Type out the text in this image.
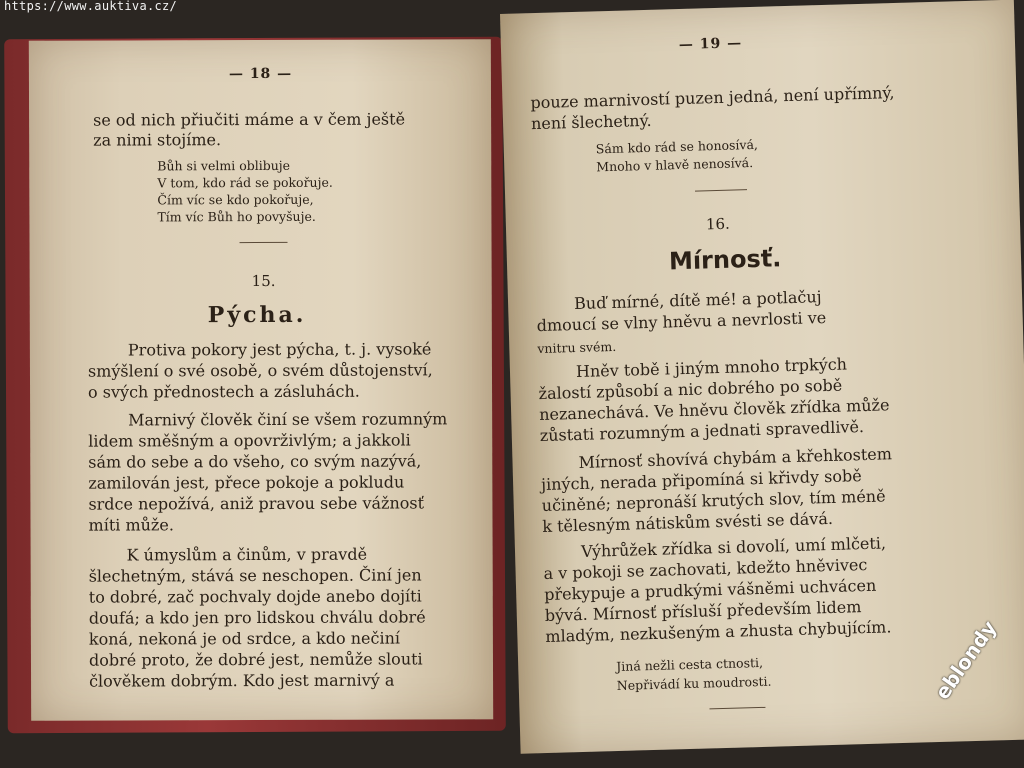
https://www.auktiva.cz/
— 18 —
se od nich přiučiti máme a v čem ještě
za nimi stojíme.
Bůh si velmi oblibuje
V tom, kdo rád se pokořuje.
Čím víc se kdo pokořuje,
Tím víc Bůh ho povyšuje.
15.
Pýcha.
Protiva pokory jest pýcha, t. j. vysoké
smýšlení o své osobě, o svém důstojenství,
o svých přednostech a zásluhách.
Marnivý člověk činí se všem rozumným
lidem směšným a opovrživlým; a jakkoli
sám do sebe a do všeho, co svým nazývá,
zamilován jest, přece pokoje a pokludu
srdce nepožívá, aniž pravou sebe vážnosť
míti může.
K úmyslům a činům, v pravdě
šlechetným, stává se neschopen. Činí jen
to dobré, zač pochvaly dojde anebo dojíti
doufá; a kdo jen pro lidskou chválu dobré
koná, nekoná je od srdce, a kdo nečiní
dobré proto, že dobré jest, nemůže slouti
člověkem dobrým. Kdo jest marnivý a
— 19 —
pouze marnivostí puzen jedná, není upřímný,
není šlechetný.
Sám kdo rád se honosívá,
Mnoho v hlavě nenosívá.
16.
Mírnosť.
Buď mírné, dítě mé! a potlačuj
dmoucí se vlny hněvu a nevrlosti ve
vnitru svém.
Hněv tobě i jiným mnoho trpkých
žalostí způsobí a nic dobrého po sobě
nezanechává. Ve hněvu člověk zřídka může
zůstati rozumným a jednati spravedlivě.
Mírnosť shovívá chybám a křehkostem
jiných, nerada připomíná si křivdy sobě
učiněné; nepronáší krutých slov, tím méně
k tělesným nátiskům svésti se dává.
Výhrůžek zřídka si dovolí, umí mlčeti,
a v pokoji se zachovati, kdežto hněvivec
překypuje a prudkými vášněmi uchvácen
bývá. Mírnosť přísluší především lidem
mladým, nezkušeným a zhusta chybujícím.
Jiná nežli cesta ctnosti,
Nepřivádí ku moudrosti.	eblondy
